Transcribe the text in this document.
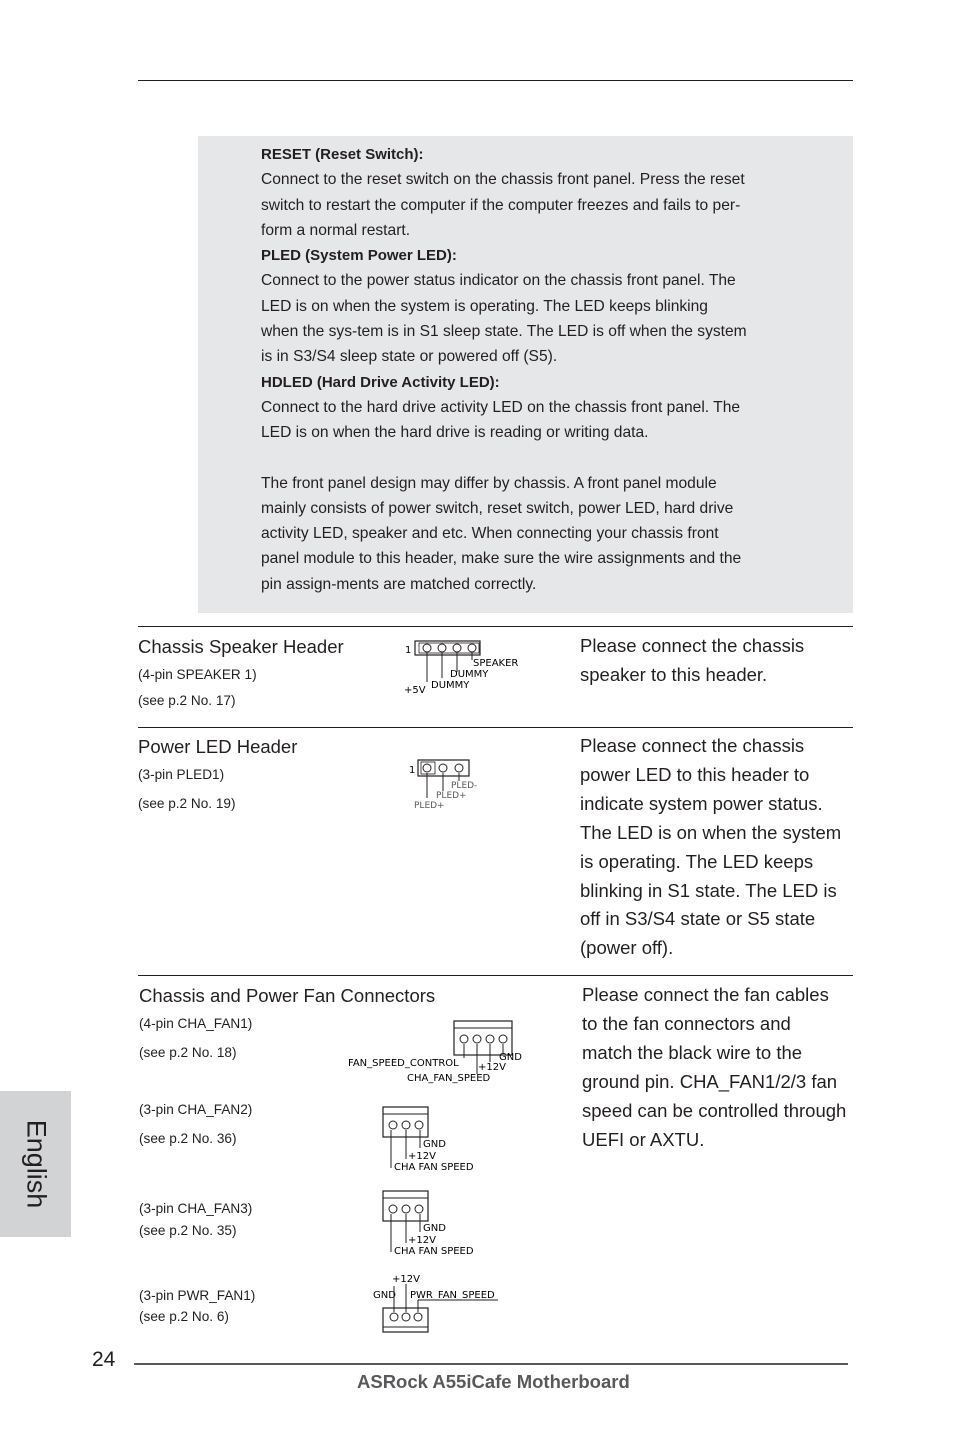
RESET (Reset Switch):

Connect to the reset switch on the chassis front panel. Press the reset

switch to restart the computer if the computer freezes and fails to per-

form a normal restart.

PLED (System Power LED):

Connect to the power status indicator on the chassis front panel. The

LED is on when the system is operating. The LED keeps blinking

when the sys-tem is in S1 sleep state. The LED is off when the system

is in S3/S4 sleep state or powered off (S5).

HDLED (Hard Drive Activity LED):

Connect to the hard drive activity LED on the chassis front panel. The

LED is on when the hard drive is reading or writing data.

The front panel design may differ by chassis. A front panel module

mainly consists of power switch, reset switch, power LED, hard drive

activity LED, speaker and etc. When connecting your chassis front

panel module to this header, make sure the wire assignments and the

pin assign-ments are matched correctly.

Chassis Speaker Header
(4-pin SPEAKER 1)
(see p.2 No. 17)
Please connect the chassis
speaker to this header.
1
SPEAKER
DUMMY
DUMMY
+5V
Power LED Header
(3-pin PLED1)
(see p.2 No. 19)
Please connect the chassis
power LED to this header to
indicate system power status.
The LED is on when the system
is operating. The LED keeps
blinking in S1 state. The LED is
off in S3/S4 state or S5 state
(power off).
1
PLED-
PLED+
PLED+
Chassis and Power Fan Connectors
(4-pin CHA_FAN1)
(see p.2 No. 18)
(3-pin CHA_FAN2)
(see p.2 No. 36)
(3-pin CHA_FAN3)
(see p.2 No. 35)
(3-pin PWR_FAN1)
(see p.2 No. 6)
Please connect the fan cables
to the fan connectors and
match the black wire to the
ground pin. CHA_FAN1/2/3 fan
speed can be controlled through
UEFI or AXTU.
FAN_SPEED_CONTROL +12V
GND
CHA_FAN_SPEED
GND
+12V
CHA FAN SPEED
GND
+12V
CHA FAN SPEED
+12V
GND PWR_FAN_SPEED
English
24
ASRock A55iCafe Motherboard
